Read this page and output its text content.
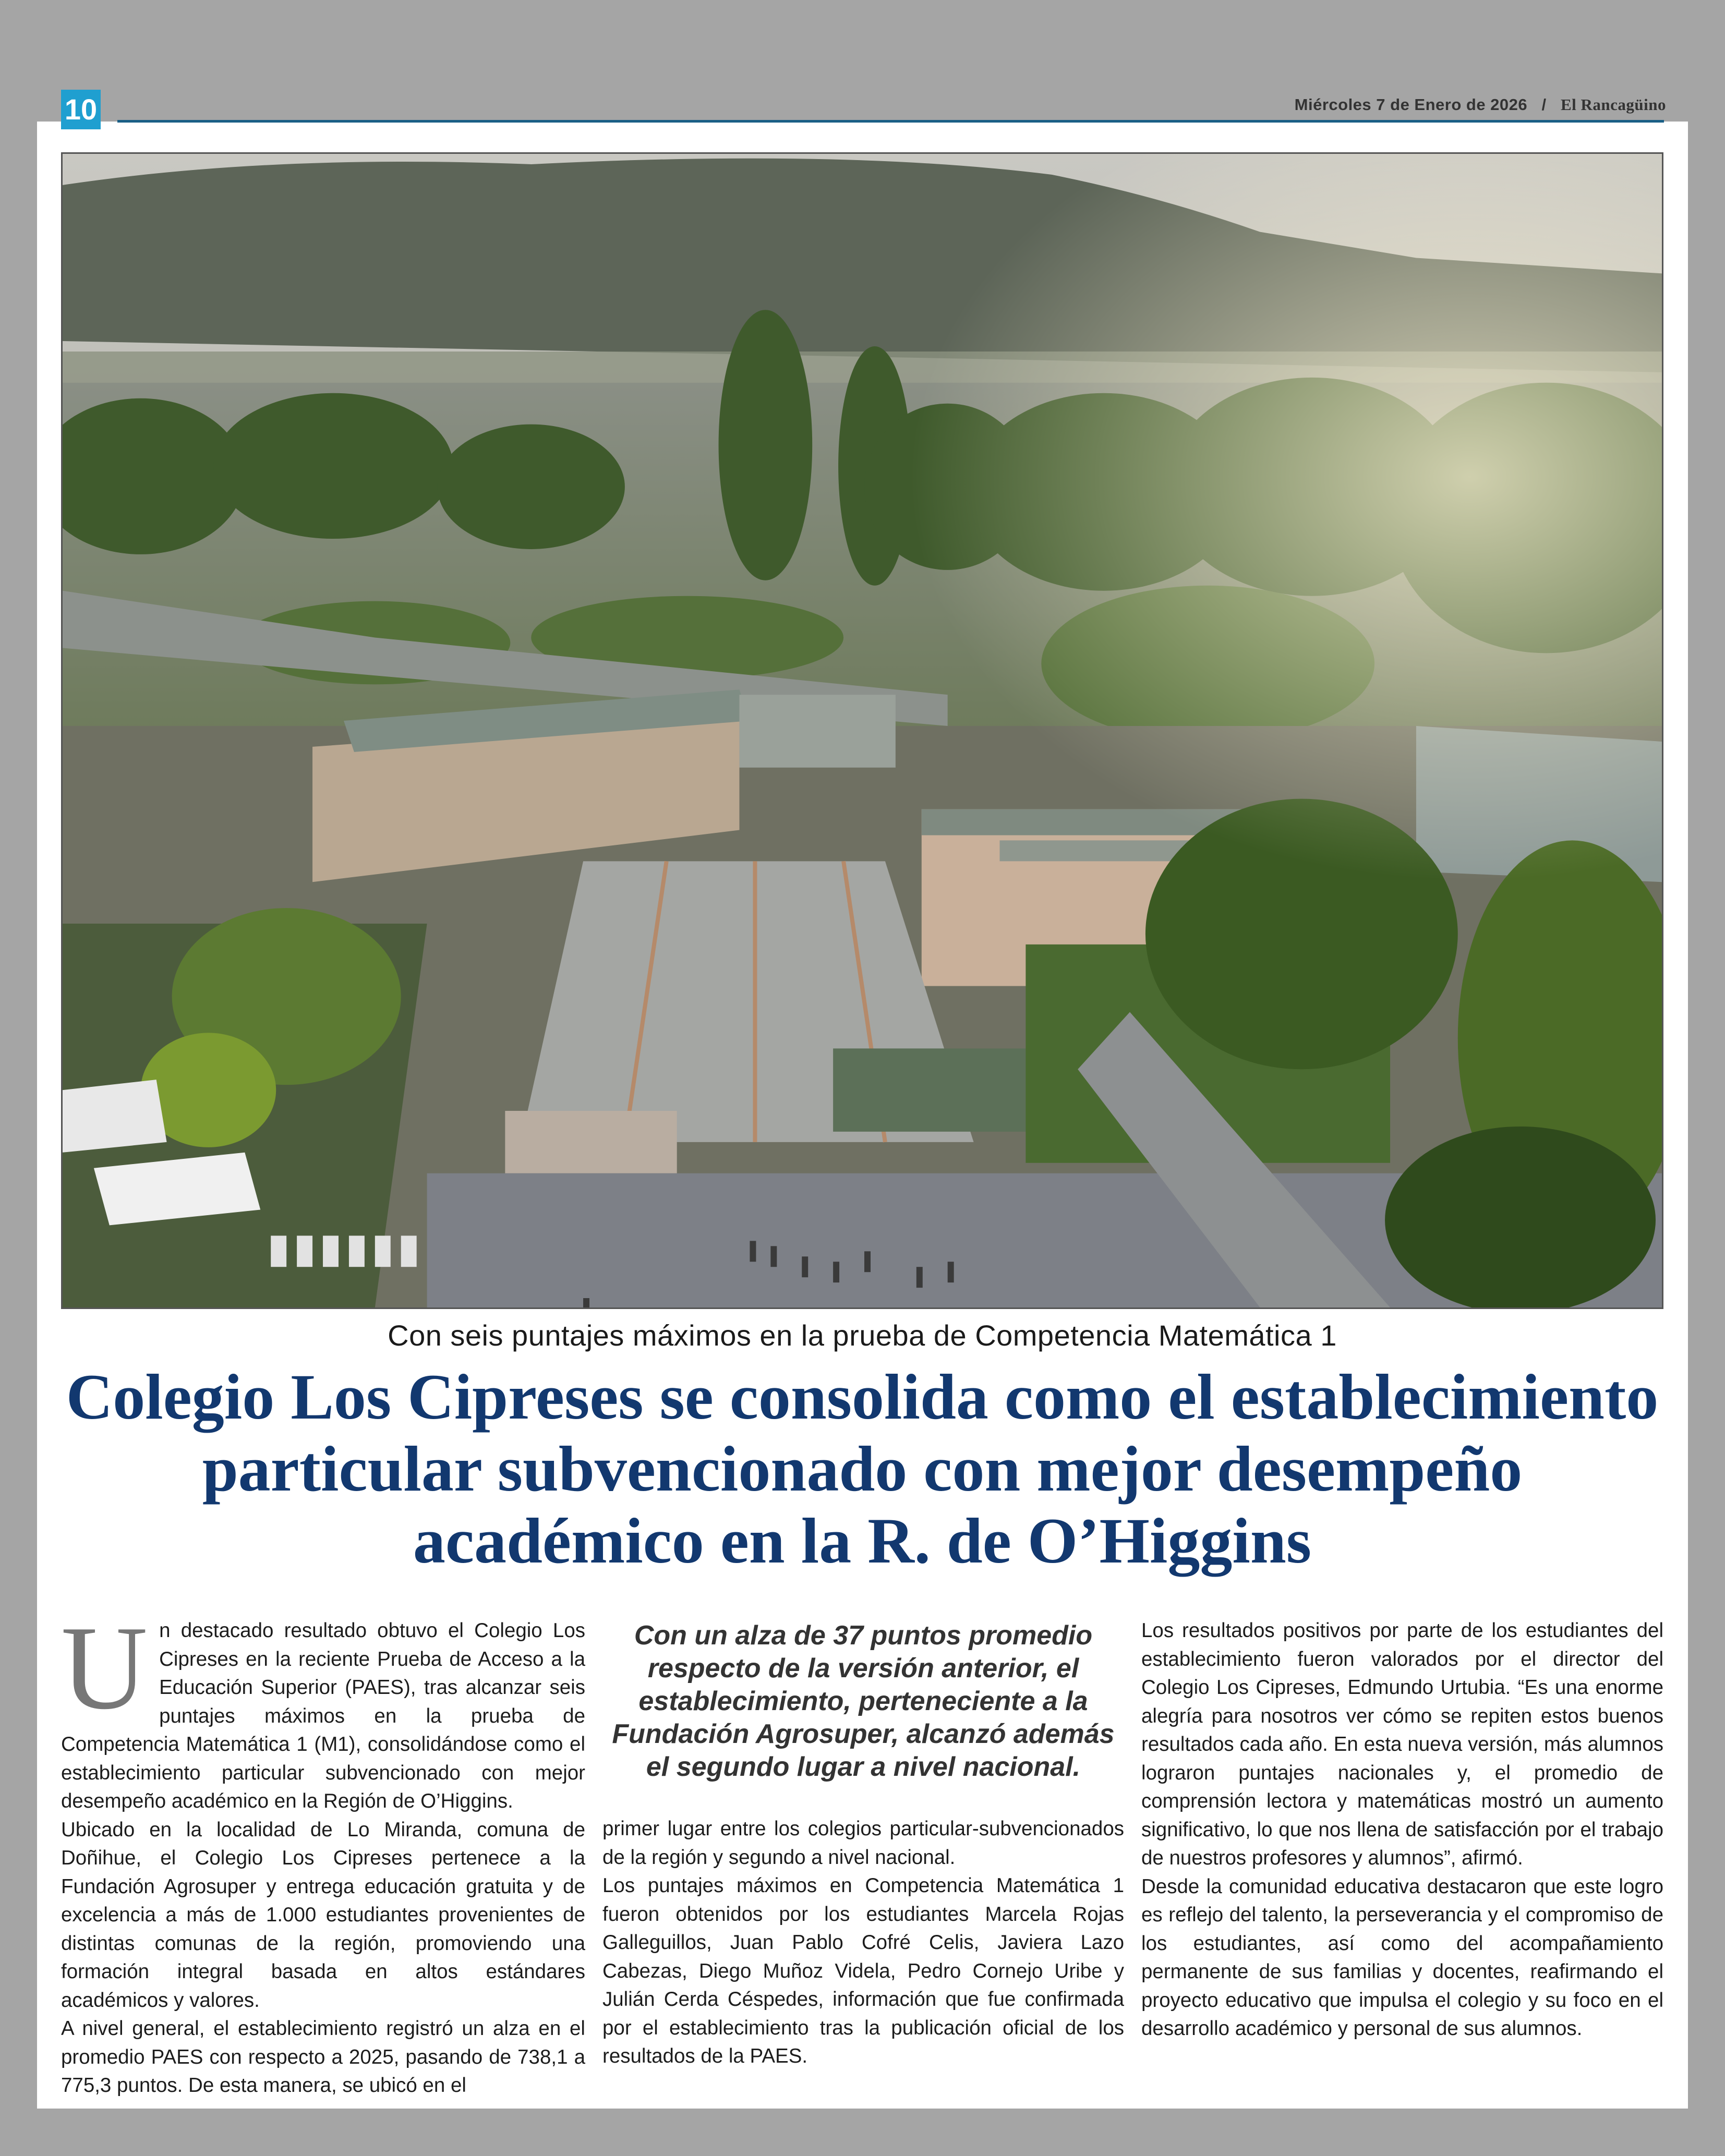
10	Miércoles 7 de Enero de 2026 / El Rancagüino
Con seis puntajes máximos en la prueba de Competencia Matemática 1
Colegio Los Cipreses se consolida como el establecimiento particular subvencionado con mejor desempeño académico en la R. de O’Higgins
U n destacado resultado obtuvo el Colegio Los Cipreses en la reciente Prueba de Acceso a la Educación Superior (PAES), tras alcanzar seis puntajes máximos en la prueba de Competencia Matemática 1 (M1), consolidándose como el establecimiento particular subvencionado con mejor desempeño académico en la Región de O’Higgins.

Ubicado en la localidad de Lo Miranda, comuna de Doñihue, el Colegio Los Cipreses pertenece a la Fundación Agrosuper y entrega educación gratuita y de excelencia a más de 1.000 estudiantes provenientes de distintas comunas de la región, promoviendo una formación integral basada en altos estándares académicos y valores.

A nivel general, el establecimiento registró un alza en el promedio PAES con respecto a 2025, pasando de 738,1 a 775,3 puntos. De esta manera, se ubicó en el

Con un alza de 37 puntos promedio respecto de la versión anterior, el establecimiento, perteneciente a la Fundación Agrosuper, alcanzó además el segundo lugar a nivel nacional.

primer lugar entre los colegios particular-subvencionados de la región y segundo a nivel nacional.

Los puntajes máximos en Competencia Matemática 1 fueron obtenidos por los estudiantes Marcela Rojas Galleguillos, Juan Pablo Cofré Celis, Javiera Lazo Cabezas, Diego Muñoz Videla, Pedro Cornejo Uribe y Julián Cerda Céspedes, información que fue confirmada por el establecimiento tras la publicación oficial de los resultados de la PAES.

Los resultados positivos por parte de los estudiantes del establecimiento fueron valorados por el director del Colegio Los Cipreses, Edmundo Urtubia. “Es una enorme alegría para nosotros ver cómo se repiten estos buenos resultados cada año. En esta nueva versión, más alumnos lograron puntajes nacionales y, el promedio de comprensión lectora y matemáticas mostró un aumento significativo, lo que nos llena de satisfacción por el trabajo de nuestros profesores y alumnos”, afirmó.

Desde la comunidad educativa destacaron que este logro es reflejo del talento, la perseverancia y el compromiso de los estudiantes, así como del acompañamiento permanente de sus familias y docentes, reafirmando el proyecto educativo que impulsa el colegio y su foco en el desarrollo académico y personal de sus alumnos.
